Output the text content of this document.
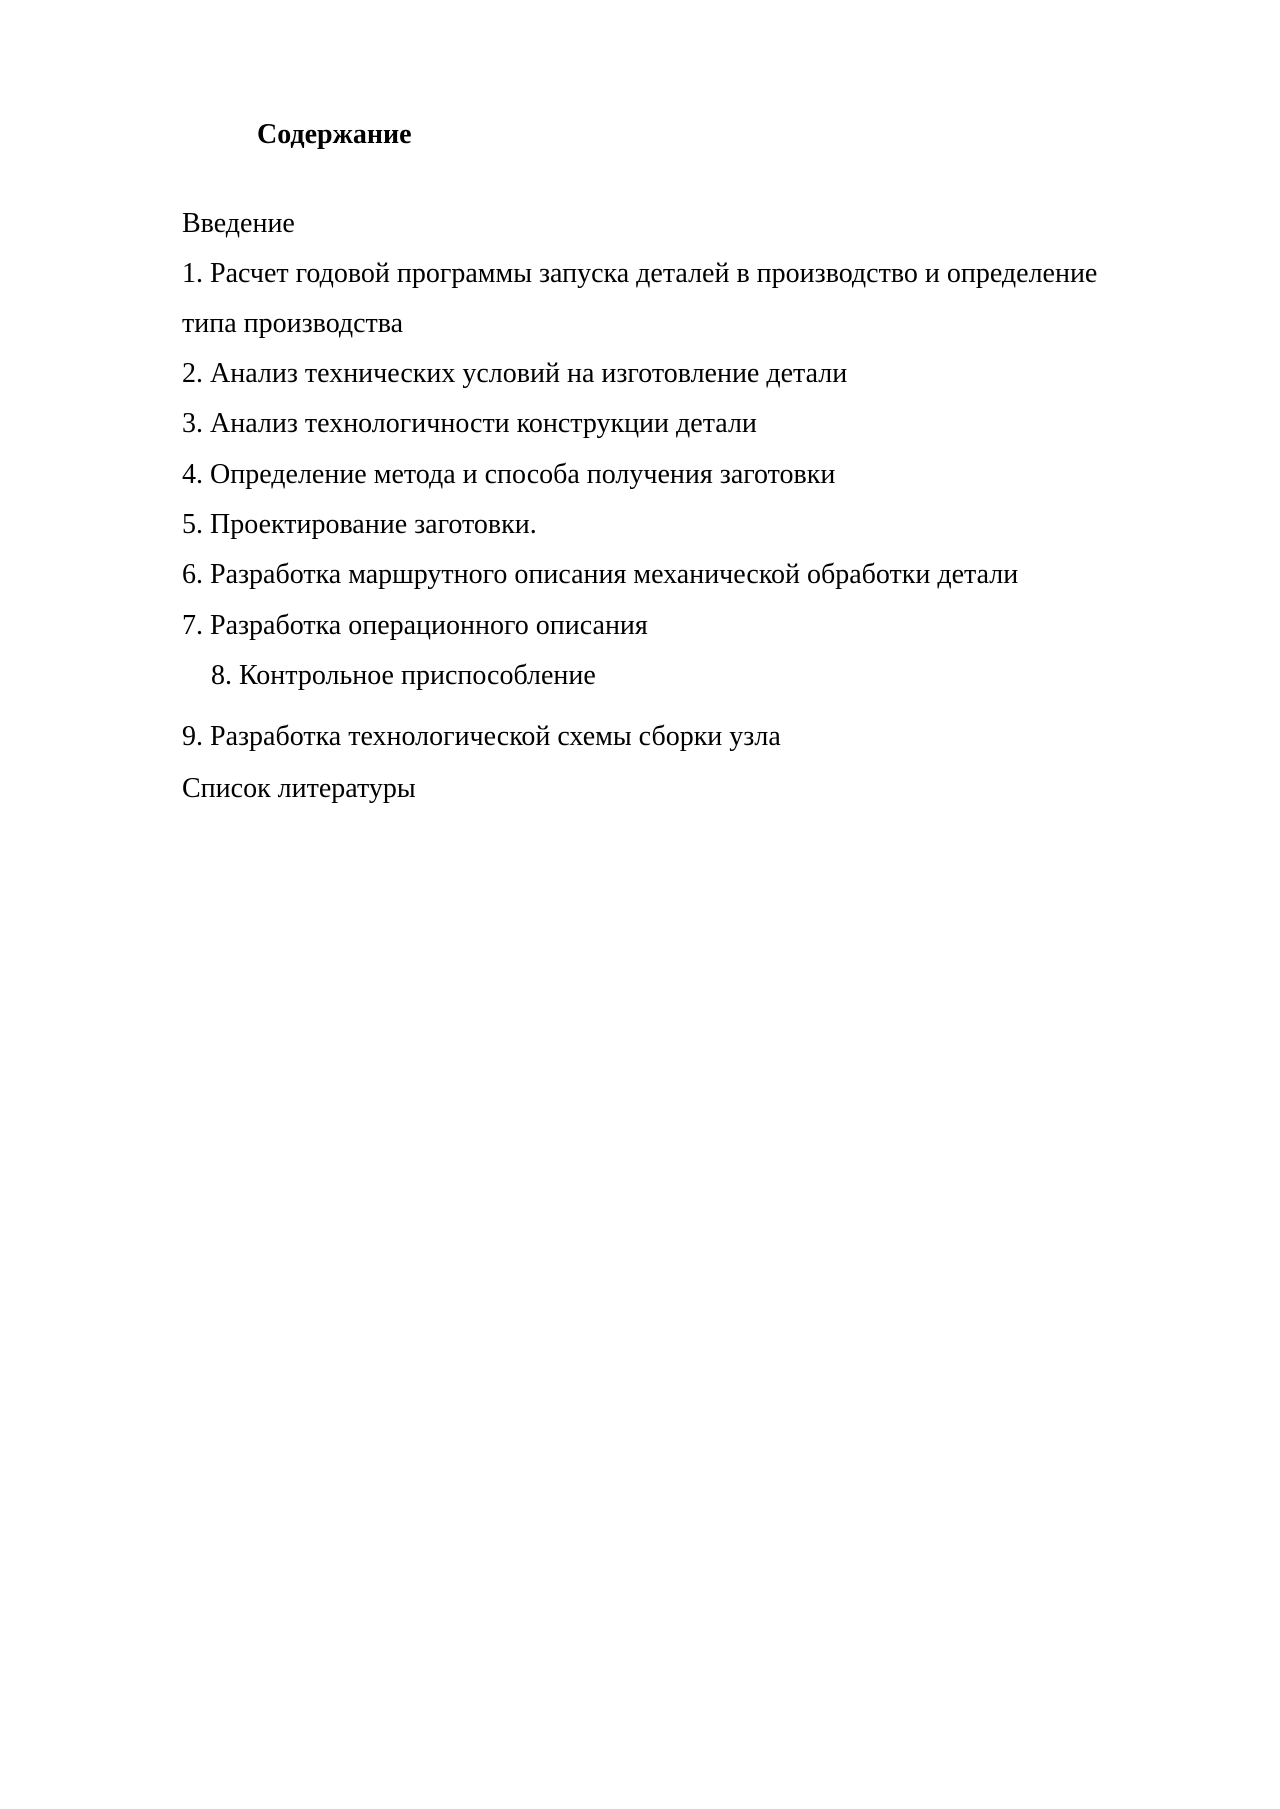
Содержание
Введение
1. Расчет годовой программы запуска деталей в производство и определение
типа производства
2. Анализ технических условий на изготовление детали
3. Анализ технологичности конструкции детали
4. Определение метода и способа получения заготовки
5. Проектирование заготовки.
6. Разработка маршрутного описания механической обработки детали
7. Разработка операционного описания
8. Контрольное приспособление
9. Разработка технологической схемы сборки узла
Список литературы
